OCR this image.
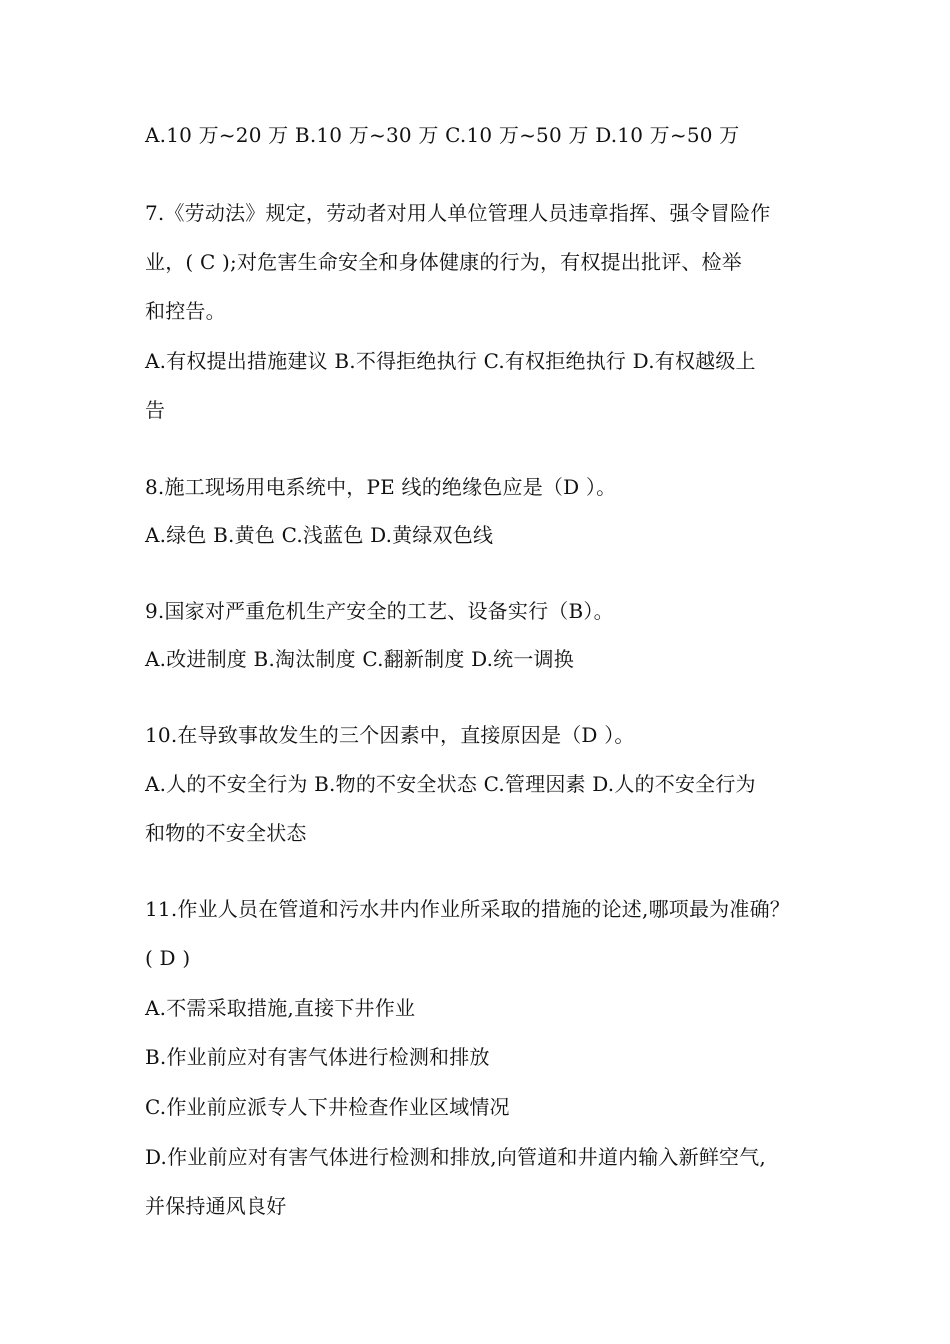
A.10 万~20 万 B.10 万~30 万 C.10 万~50 万 D.10 万~50 万
7.《劳动法》规定，劳动者对用人单位管理人员违章指挥、强令冒险作
业，( C );对危害生命安全和身体健康的行为，有权提出批评、检举
和控告。
A.有权提出措施建议 B.不得拒绝执行 C.有权拒绝执行 D.有权越级上
告
8.施工现场用电系统中，PE 线的绝缘色应是（D ）。
A.绿色 B.黄色 C.浅蓝色 D.黄绿双色线
9.国家对严重危机生产安全的工艺、设备实行（B）。
A.改进制度 B.淘汰制度 C.翻新制度 D.统一调换
10.在导致事故发生的三个因素中，直接原因是（D ）。
A.人的不安全行为 B.物的不安全状态 C.管理因素 D.人的不安全行为
和物的不安全状态
11.作业人员在管道和污水井内作业所采取的措施的论述,哪项最为准确？
( D )
A.不需采取措施,直接下井作业
B.作业前应对有害气体进行检测和排放
C.作业前应派专人下井检查作业区域情况
D.作业前应对有害气体进行检测和排放,向管道和井道内输入新鲜空气,
并保持通风良好
